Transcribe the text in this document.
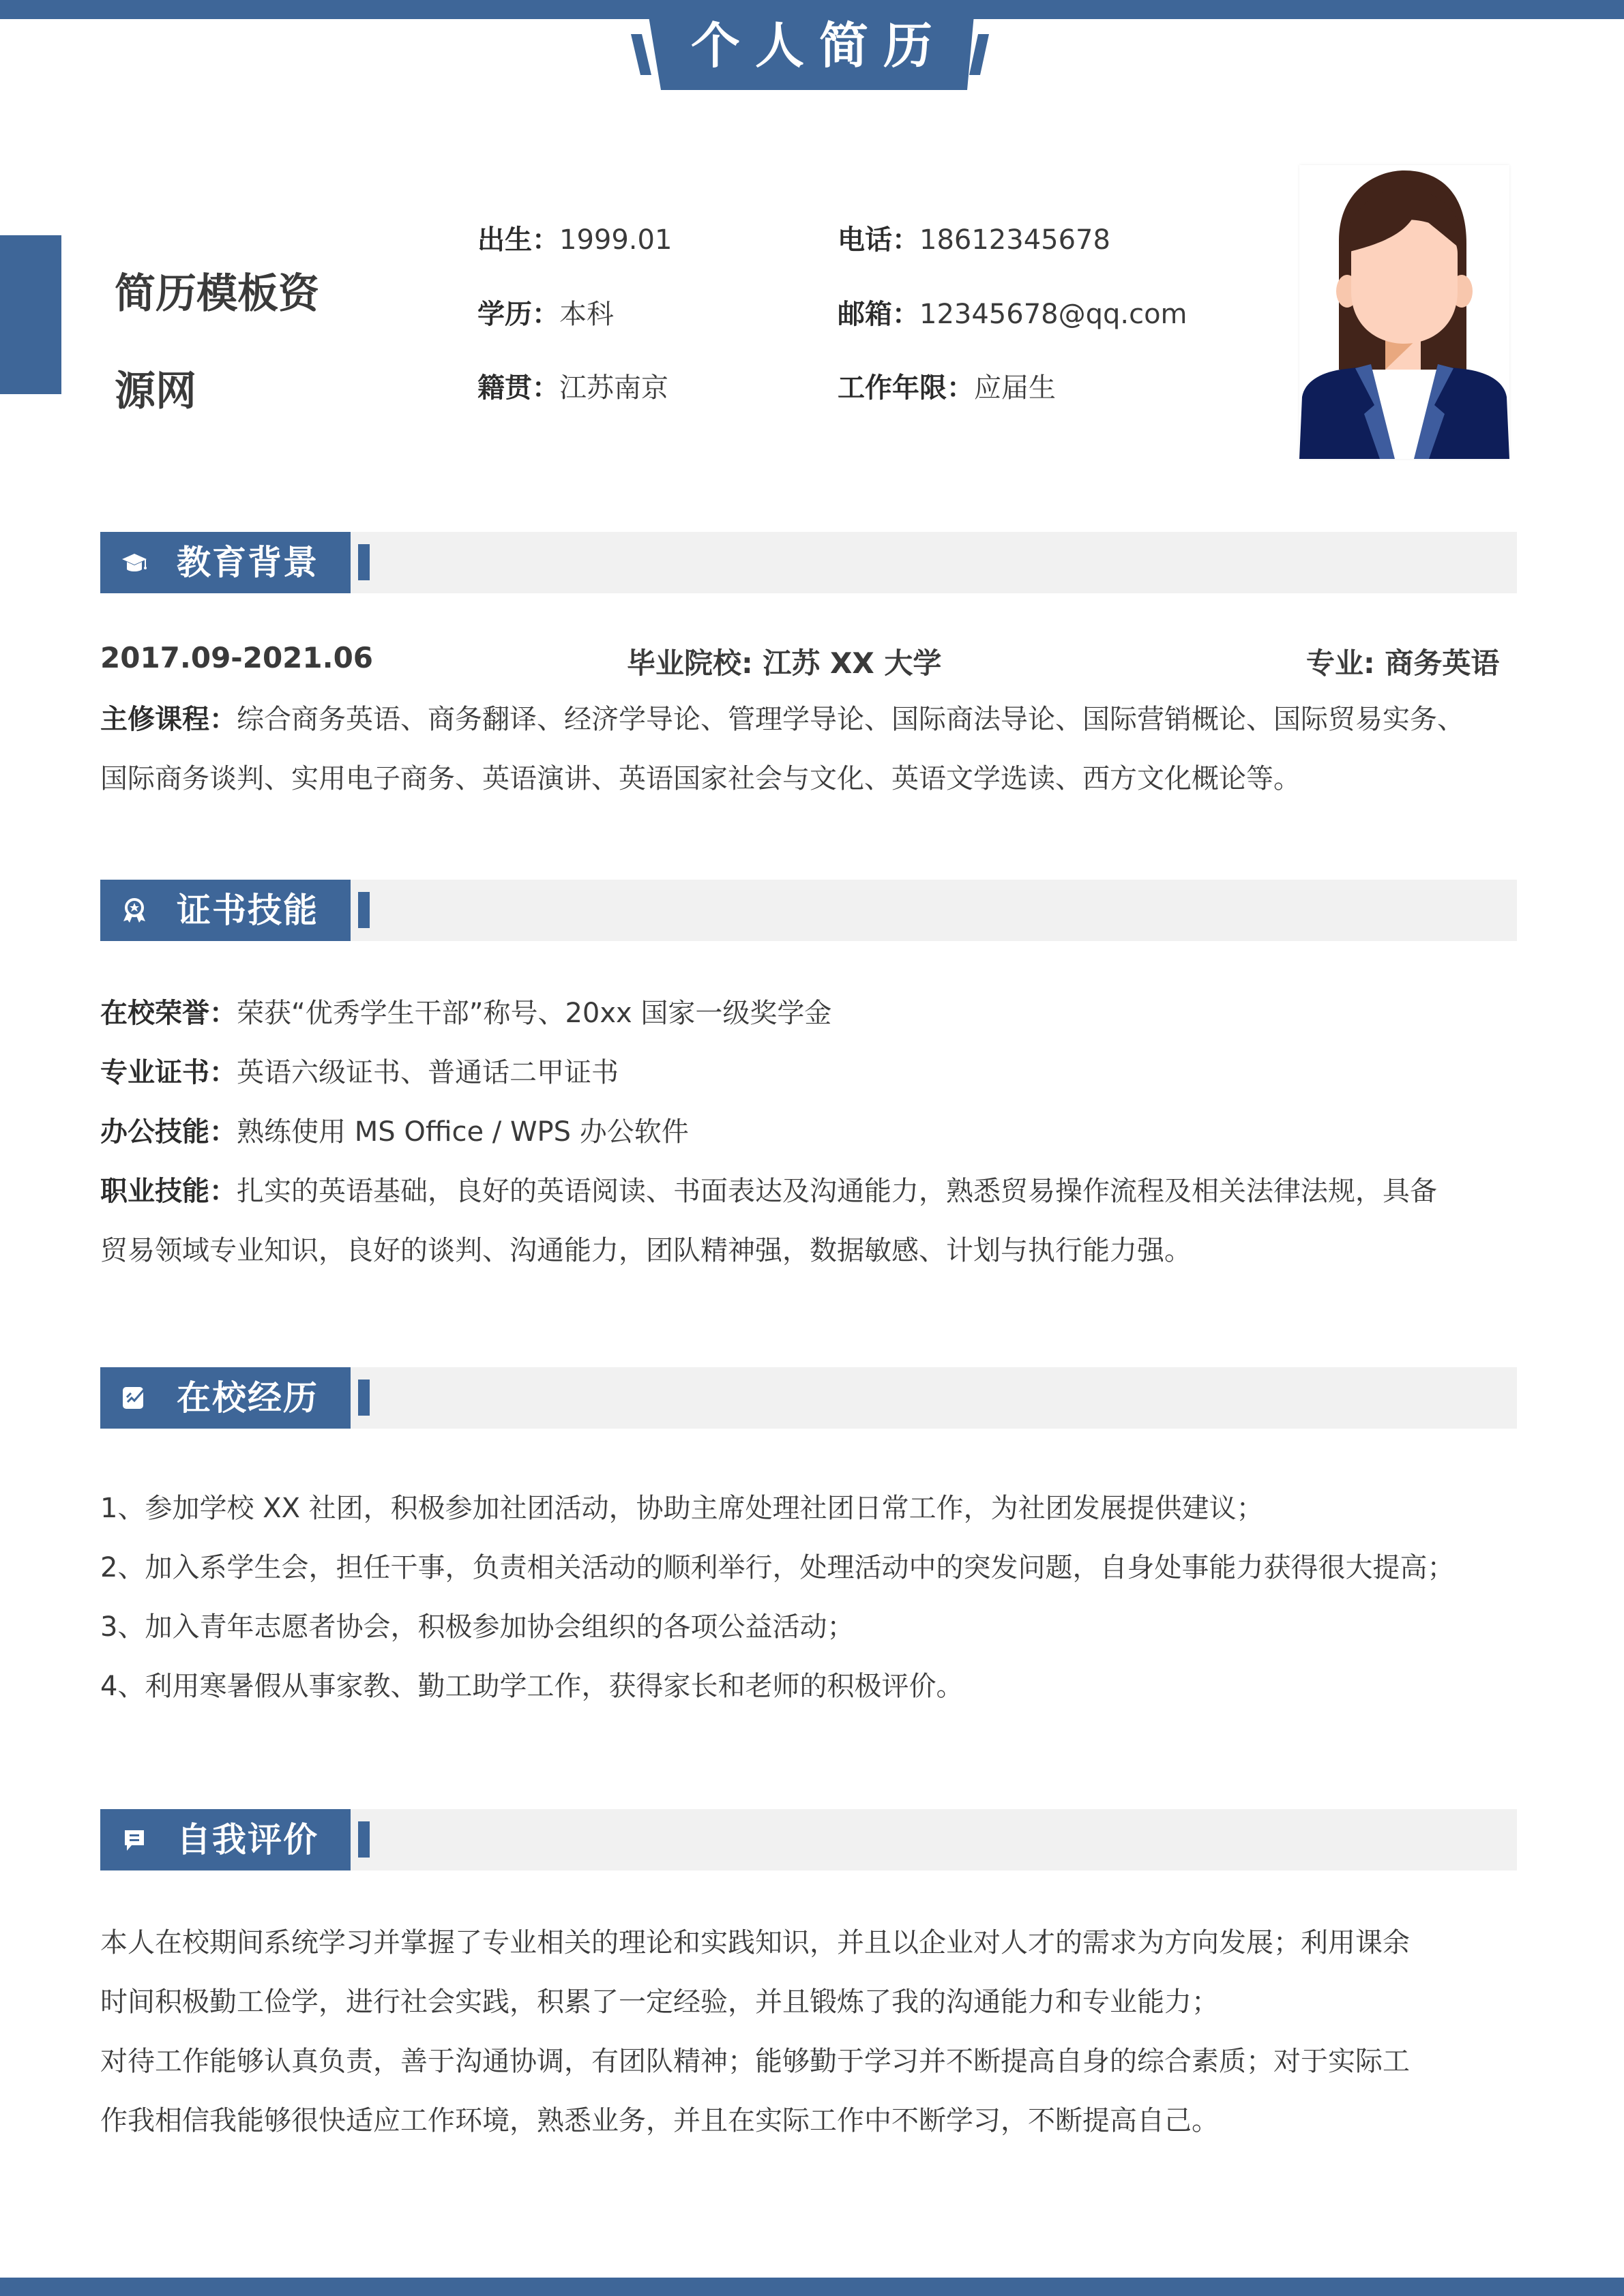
个人简历
简历模板资
源网
出生：1999.01
学历：本科
籍贯：江苏南京
电话：18612345678
邮箱：12345678@qq.com
工作年限：应届生
教育背景
2017.09-2021.06	毕业院校: 江苏 XX 大学	专业: 商务英语
主修课程：综合商务英语、商务翻译、经济学导论、管理学导论、国际商法导论、国际营销概论、国际贸易实务、
国际商务谈判、实用电子商务、英语演讲、英语国家社会与文化、英语文学选读、西方文化概论等。
证书技能
在校荣誉：荣获“优秀学生干部”称号、20xx 国家一级奖学金
专业证书：英语六级证书、普通话二甲证书
办公技能：熟练使用 MS Office / WPS 办公软件
职业技能：扎实的英语基础，良好的英语阅读、书面表达及沟通能力，熟悉贸易操作流程及相关法律法规，具备
贸易领域专业知识，良好的谈判、沟通能力，团队精神强，数据敏感、计划与执行能力强。
在校经历
1、参加学校 XX 社团，积极参加社团活动，协助主席处理社团日常工作，为社团发展提供建议；
2、加入系学生会，担任干事，负责相关活动的顺利举行，处理活动中的突发问题，自身处事能力获得很大提高；
3、加入青年志愿者协会，积极参加协会组织的各项公益活动；
4、利用寒暑假从事家教、勤工助学工作，获得家长和老师的积极评价。
自我评价
本人在校期间系统学习并掌握了专业相关的理论和实践知识，并且以企业对人才的需求为方向发展；利用课余
时间积极勤工俭学，进行社会实践，积累了一定经验，并且锻炼了我的沟通能力和专业能力；
对待工作能够认真负责，善于沟通协调，有团队精神；能够勤于学习并不断提高自身的综合素质；对于实际工
作我相信我能够很快适应工作环境，熟悉业务，并且在实际工作中不断学习，不断提高自己。
